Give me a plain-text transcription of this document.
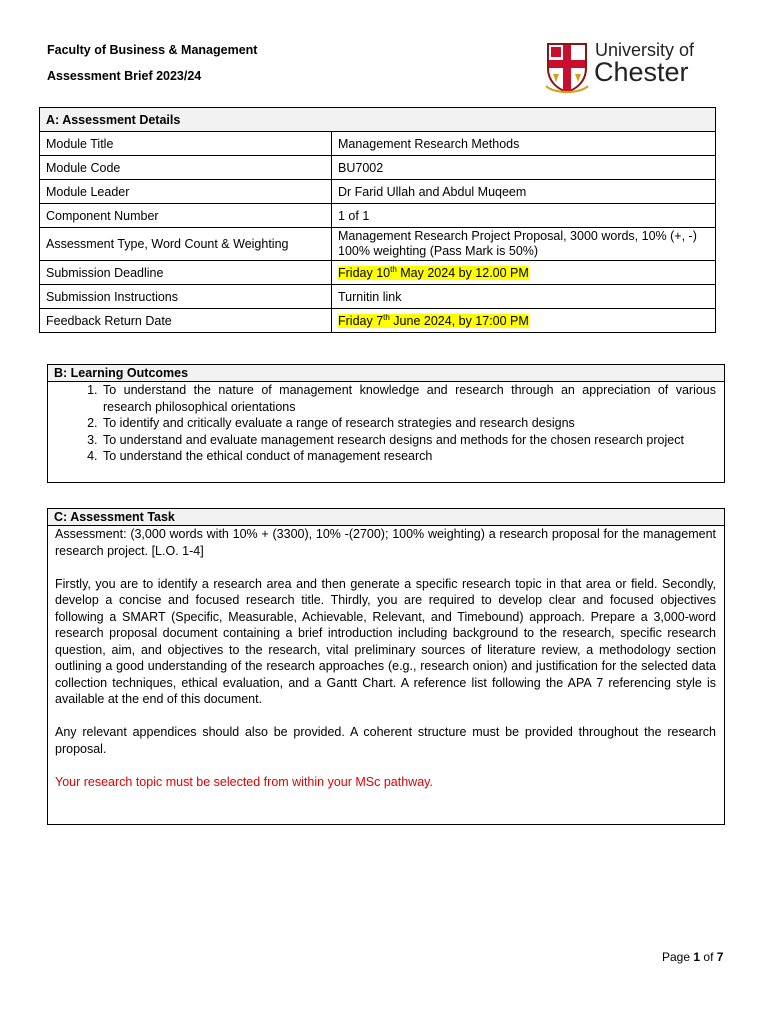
Faculty of Business & Management
Assessment Brief 2023/24
University of
Chester
A: Assessment Details	
Module Title	Management Research Methods
Module Code	BU7002
Module Leader	Dr Farid Ullah and Abdul Muqeem
Component Number	1 of 1
Assessment Type, Word Count & Weighting	Management Research Project Proposal, 3000 words, 10% (+, -) 100% weighting (Pass Mark is 50%)
Submission Deadline	Friday 10th May 2024 by 12.00 PM
Submission Instructions	Turnitin link
Feedback Return Date	Friday 7th June 2024, by 17:00 PM
B: Learning Outcomes
1. To understand the nature of management knowledge and research through an appreciation of various research philosophical orientations
2. To identify and critically evaluate a range of research strategies and research designs
3. To understand and evaluate management research designs and methods for the chosen research project
4. To understand the ethical conduct of management research
C: Assessment Task

Assessment: (3,000 words with 10% + (3300), 10% -(2700); 100% weighting) a research proposal for the management research project. [L.O. 1-4]

Firstly, you are to identify a research area and then generate a specific research topic in that area or field. Secondly, develop a concise and focused research title. Thirdly, you are required to develop clear and focused objectives following a SMART (Specific, Measurable, Achievable, Relevant, and Timebound) approach. Prepare a 3,000-word research proposal document containing a brief introduction including background to the research, specific research question, aim, and objectives to the research, vital preliminary sources of literature review, a methodology section outlining a good understanding of the research approaches (e.g., research onion) and justification for the selected data collection techniques, ethical evaluation, and a Gantt Chart. A reference list following the APA 7 referencing style is available at the end of this document.

Any relevant appendices should also be provided. A coherent structure must be provided throughout the research proposal.

Your research topic must be selected from within your MSc pathway.

Page 1 of 7
